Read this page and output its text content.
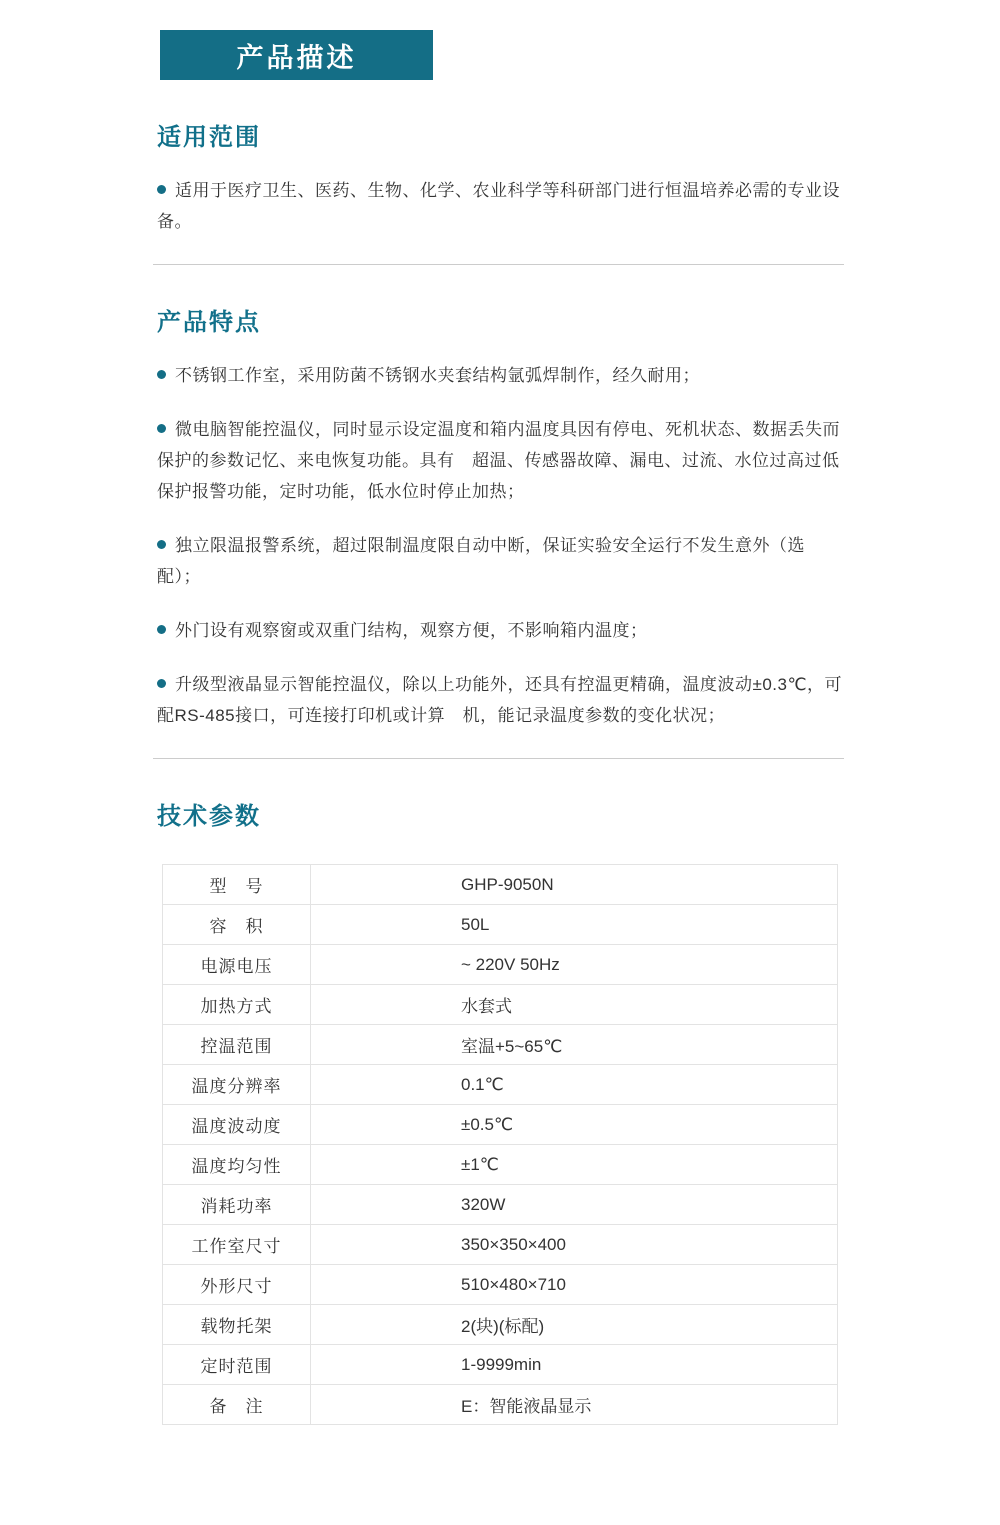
产品描述
适用范围

适用于医疗卫生、医药、生物、化学、农业科学等科研部门进行恒温培养必需的专业设备。

产品特点

不锈钢工作室，采用防菌不锈钢水夹套结构氩弧焊制作，经久耐用；

微电脑智能控温仪，同时显示设定温度和箱内温度具因有停电、死机状态、数据丢失而保护的参数记忆、来电恢复功能。具有　超温、传感器故障、漏电、过流、水位过高过低保护报警功能，定时功能，低水位时停止加热；

独立限温报警系统，超过限制温度限自动中断，保证实验安全运行不发生意外（选配）；

外门设有观察窗或双重门结构，观察方便，不影响箱内温度；

升级型液晶显示智能控温仪，除以上功能外，还具有控温更精确，温度波动±0.3℃，可配RS-485接口，可连接打印机或计算　机，能记录温度参数的变化状况；

技术参数
型　号	GHP-9050N
容　积	50L
电源电压	~ 220V 50Hz
加热方式	水套式
控温范围	室温+5~65℃
温度分辨率	0.1℃
温度波动度	±0.5℃
温度均匀性	±1℃
消耗功率	320W
工作室尺寸	350×350×400
外形尺寸	510×480×710
载物托架	2(块)(标配)
定时范围	1-9999min
备　注	E：智能液晶显示
